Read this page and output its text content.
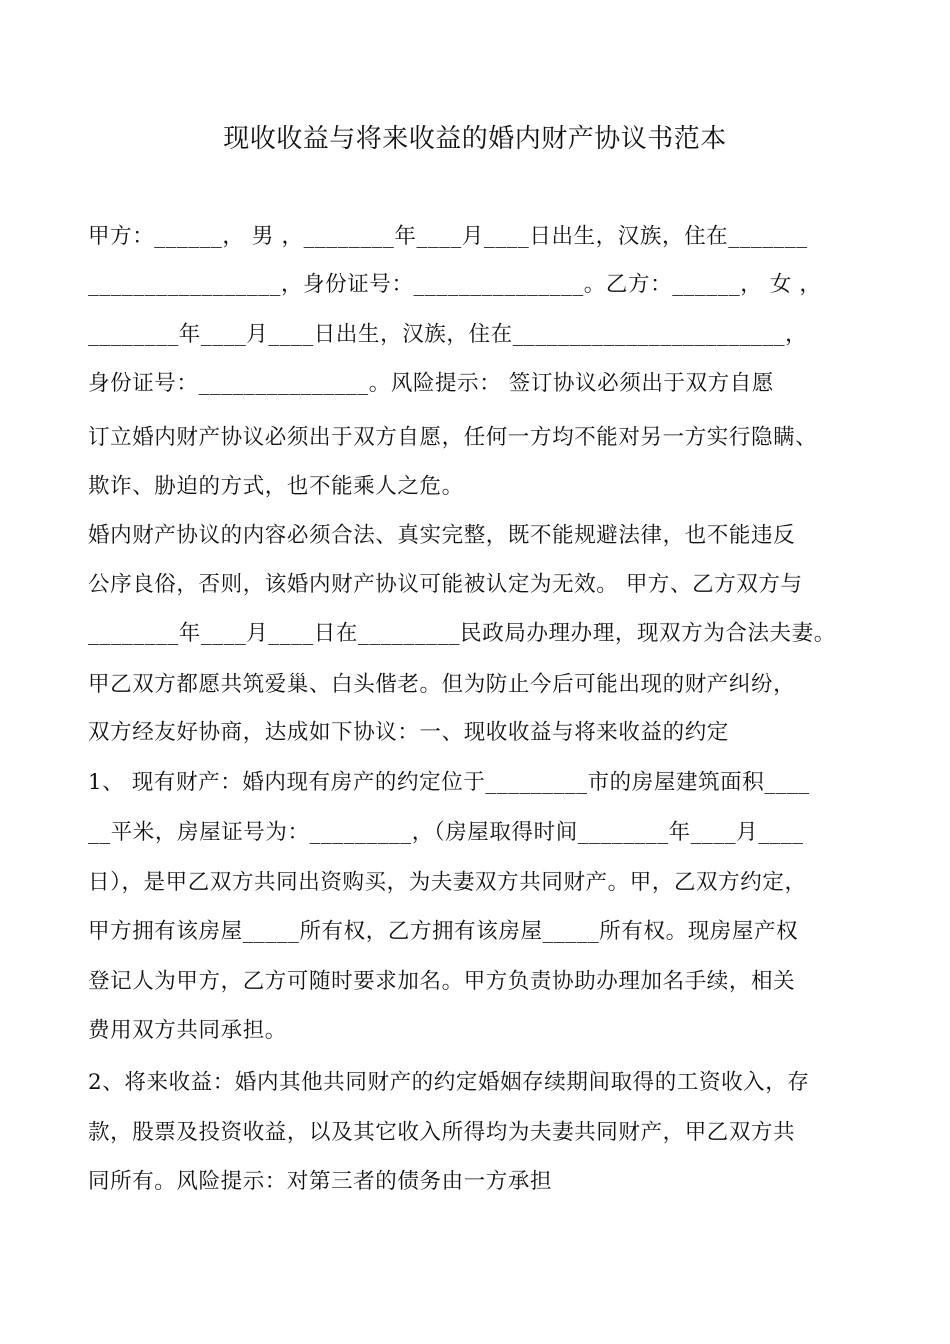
现收收益与将来收益的婚内财产协议书范本
甲方：______， 男 ，________年____月____日出生，汉族，住在_______
_________________，身份证号：_______________。乙方：______， 女 ，
________年____月____日出生，汉族，住在________________________，
身份证号：_______________。风险提示： 签订协议必须出于双方自愿
订立婚内财产协议必须出于双方自愿，任何一方均不能对另一方实行隐瞒、
欺诈、胁迫的方式，也不能乘人之危。
婚内财产协议的内容必须合法、真实完整，既不能规避法律，也不能违反
公序良俗，否则，该婚内财产协议可能被认定为无效。 甲方、乙方双方与
________年____月____日在_________民政局办理办理，现双方为合法夫妻。
甲乙双方都愿共筑爱巢、白头偕老。但为防止今后可能出现的财产纠纷，
双方经友好协商，达成如下协议：一、现收收益与将来收益的约定
1、 现有财产：婚内现有房产的约定位于_________市的房屋建筑面积____
__平米，房屋证号为：_________，（房屋取得时间________年____月____
日），是甲乙双方共同出资购买，为夫妻双方共同财产。甲，乙双方约定，
甲方拥有该房屋_____所有权，乙方拥有该房屋_____所有权。现房屋产权
登记人为甲方，乙方可随时要求加名。甲方负责协助办理加名手续，相关
费用双方共同承担。
2、将来收益：婚内其他共同财产的约定婚姻存续期间取得的工资收入，存
款，股票及投资收益，以及其它收入所得均为夫妻共同财产，甲乙双方共
同所有。风险提示：对第三者的债务由一方承担
